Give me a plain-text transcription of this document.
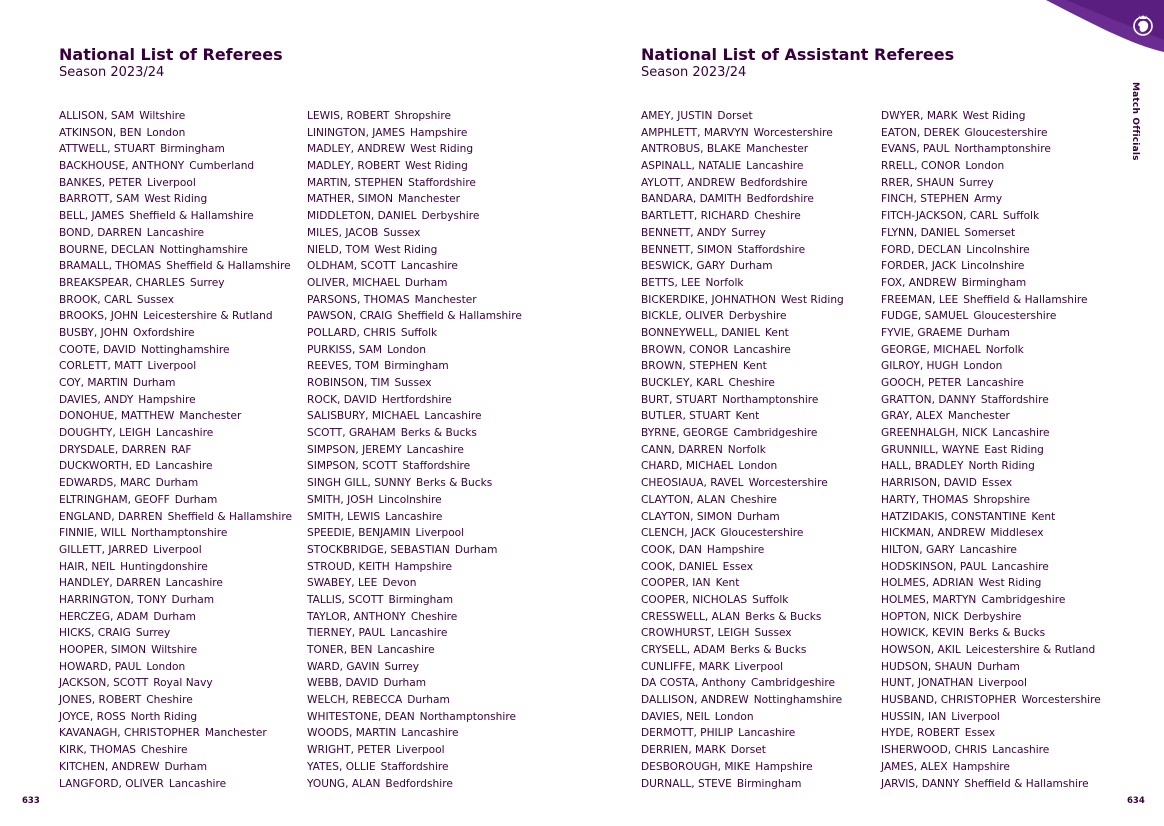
Match Officials
National List of Referees
Season 2023/24
ALLISON, SAM Wiltshire
ATKINSON, BEN London
ATTWELL, STUART Birmingham
BACKHOUSE, ANTHONY Cumberland
BANKES, PETER Liverpool
BARROTT, SAM West Riding
BELL, JAMES Sheffield & Hallamshire
BOND, DARREN Lancashire
BOURNE, DECLAN Nottinghamshire
BRAMALL, THOMAS Sheffield & Hallamshire
BREAKSPEAR, CHARLES Surrey
BROOK, CARL Sussex
BROOKS, JOHN Leicestershire & Rutland
BUSBY, JOHN Oxfordshire
COOTE, DAVID Nottinghamshire
CORLETT, MATT Liverpool
COY, MARTIN Durham
DAVIES, ANDY Hampshire
DONOHUE, MATTHEW Manchester
DOUGHTY, LEIGH Lancashire
DRYSDALE, DARREN RAF
DUCKWORTH, ED Lancashire
EDWARDS, MARC Durham
ELTRINGHAM, GEOFF Durham
ENGLAND, DARREN Sheffield & Hallamshire
FINNIE, WILL Northamptonshire
GILLETT, JARRED Liverpool
HAIR, NEIL Huntingdonshire
HANDLEY, DARREN Lancashire
HARRINGTON, TONY Durham
HERCZEG, ADAM Durham
HICKS, CRAIG Surrey
HOOPER, SIMON Wiltshire
HOWARD, PAUL London
JACKSON, SCOTT Royal Navy
JONES, ROBERT Cheshire
JOYCE, ROSS North Riding
KAVANAGH, CHRISTOPHER Manchester
KIRK, THOMAS Cheshire
KITCHEN, ANDREW Durham
LANGFORD, OLIVER Lancashire
LEWIS, ROBERT Shropshire
LININGTON, JAMES Hampshire
MADLEY, ANDREW West Riding
MADLEY, ROBERT West Riding
MARTIN, STEPHEN Staffordshire
MATHER, SIMON Manchester
MIDDLETON, DANIEL Derbyshire
MILES, JACOB Sussex
NIELD, TOM West Riding
OLDHAM, SCOTT Lancashire
OLIVER, MICHAEL Durham
PARSONS, THOMAS Manchester
PAWSON, CRAIG Sheffield & Hallamshire
POLLARD, CHRIS Suffolk
PURKISS, SAM London
REEVES, TOM Birmingham
ROBINSON, TIM Sussex
ROCK, DAVID Hertfordshire
SALISBURY, MICHAEL Lancashire
SCOTT, GRAHAM Berks & Bucks
SIMPSON, JEREMY Lancashire
SIMPSON, SCOTT Staffordshire
SINGH GILL, SUNNY Berks & Bucks
SMITH, JOSH Lincolnshire
SMITH, LEWIS Lancashire
SPEEDIE, BENJAMIN Liverpool
STOCKBRIDGE, SEBASTIAN Durham
STROUD, KEITH Hampshire
SWABEY, LEE Devon
TALLIS, SCOTT Birmingham
TAYLOR, ANTHONY Cheshire
TIERNEY, PAUL Lancashire
TONER, BEN Lancashire
WARD, GAVIN Surrey
WEBB, DAVID Durham
WELCH, REBECCA Durham
WHITESTONE, DEAN Northamptonshire
WOODS, MARTIN Lancashire
WRIGHT, PETER Liverpool
YATES, OLLIE Staffordshire
YOUNG, ALAN Bedfordshire
633
National List of Assistant Referees
Season 2023/24
AMEY, JUSTIN Dorset
AMPHLETT, MARVYN Worcestershire
ANTROBUS, BLAKE Manchester
ASPINALL, NATALIE Lancashire
AYLOTT, ANDREW Bedfordshire
BANDARA, DAMITH Bedfordshire
BARTLETT, RICHARD Cheshire
BENNETT, ANDY Surrey
BENNETT, SIMON Staffordshire
BESWICK, GARY Durham
BETTS, LEE Norfolk
BICKERDIKE, JOHNATHON West Riding
BICKLE, OLIVER Derbyshire
BONNEYWELL, DANIEL Kent
BROWN, CONOR Lancashire
BROWN, STEPHEN Kent
BUCKLEY, KARL Cheshire
BURT, STUART Northamptonshire
BUTLER, STUART Kent
BYRNE, GEORGE Cambridgeshire
CANN, DARREN Norfolk
CHARD, MICHAEL London
CHEOSIAUA, RAVEL Worcestershire
CLAYTON, ALAN Cheshire
CLAYTON, SIMON Durham
CLENCH, JACK Gloucestershire
COOK, DAN Hampshire
COOK, DANIEL Essex
COOPER, IAN Kent
COOPER, NICHOLAS Suffolk
CRESSWELL, ALAN Berks & Bucks
CROWHURST, LEIGH Sussex
CRYSELL, ADAM Berks & Bucks
CUNLIFFE, MARK Liverpool
DA COSTA, Anthony Cambridgeshire
DALLISON, ANDREW Nottinghamshire
DAVIES, NEIL London
DERMOTT, PHILIP Lancashire
DERRIEN, MARK Dorset
DESBOROUGH, MIKE Hampshire
DURNALL, STEVE Birmingham
DWYER, MARK West Riding
EATON, DEREK Gloucestershire
EVANS, PAUL Northamptonshire
RRELL, CONOR London
RRER, SHAUN Surrey
FINCH, STEPHEN Army
FITCH-JACKSON, CARL Suffolk
FLYNN, DANIEL Somerset
FORD, DECLAN Lincolnshire
FORDER, JACK Lincolnshire
FOX, ANDREW Birmingham
FREEMAN, LEE Sheffield & Hallamshire
FUDGE, SAMUEL Gloucestershire
FYVIE, GRAEME Durham
GEORGE, MICHAEL Norfolk
GILROY, HUGH London
GOOCH, PETER Lancashire
GRATTON, DANNY Staffordshire
GRAY, ALEX Manchester
GREENHALGH, NICK Lancashire
GRUNNILL, WAYNE East Riding
HALL, BRADLEY North Riding
HARRISON, DAVID Essex
HARTY, THOMAS Shropshire
HATZIDAKIS, CONSTANTINE Kent
HICKMAN, ANDREW Middlesex
HILTON, GARY Lancashire
HODSKINSON, PAUL Lancashire
HOLMES, ADRIAN West Riding
HOLMES, MARTYN Cambridgeshire
HOPTON, NICK Derbyshire
HOWICK, KEVIN Berks & Bucks
HOWSON, AKIL Leicestershire & Rutland
HUDSON, SHAUN Durham
HUNT, JONATHAN Liverpool
HUSBAND, CHRISTOPHER Worcestershire
HUSSIN, IAN Liverpool
HYDE, ROBERT Essex
ISHERWOOD, CHRIS Lancashire
JAMES, ALEX Hampshire
JARVIS, DANNY Sheffield & Hallamshire
634
